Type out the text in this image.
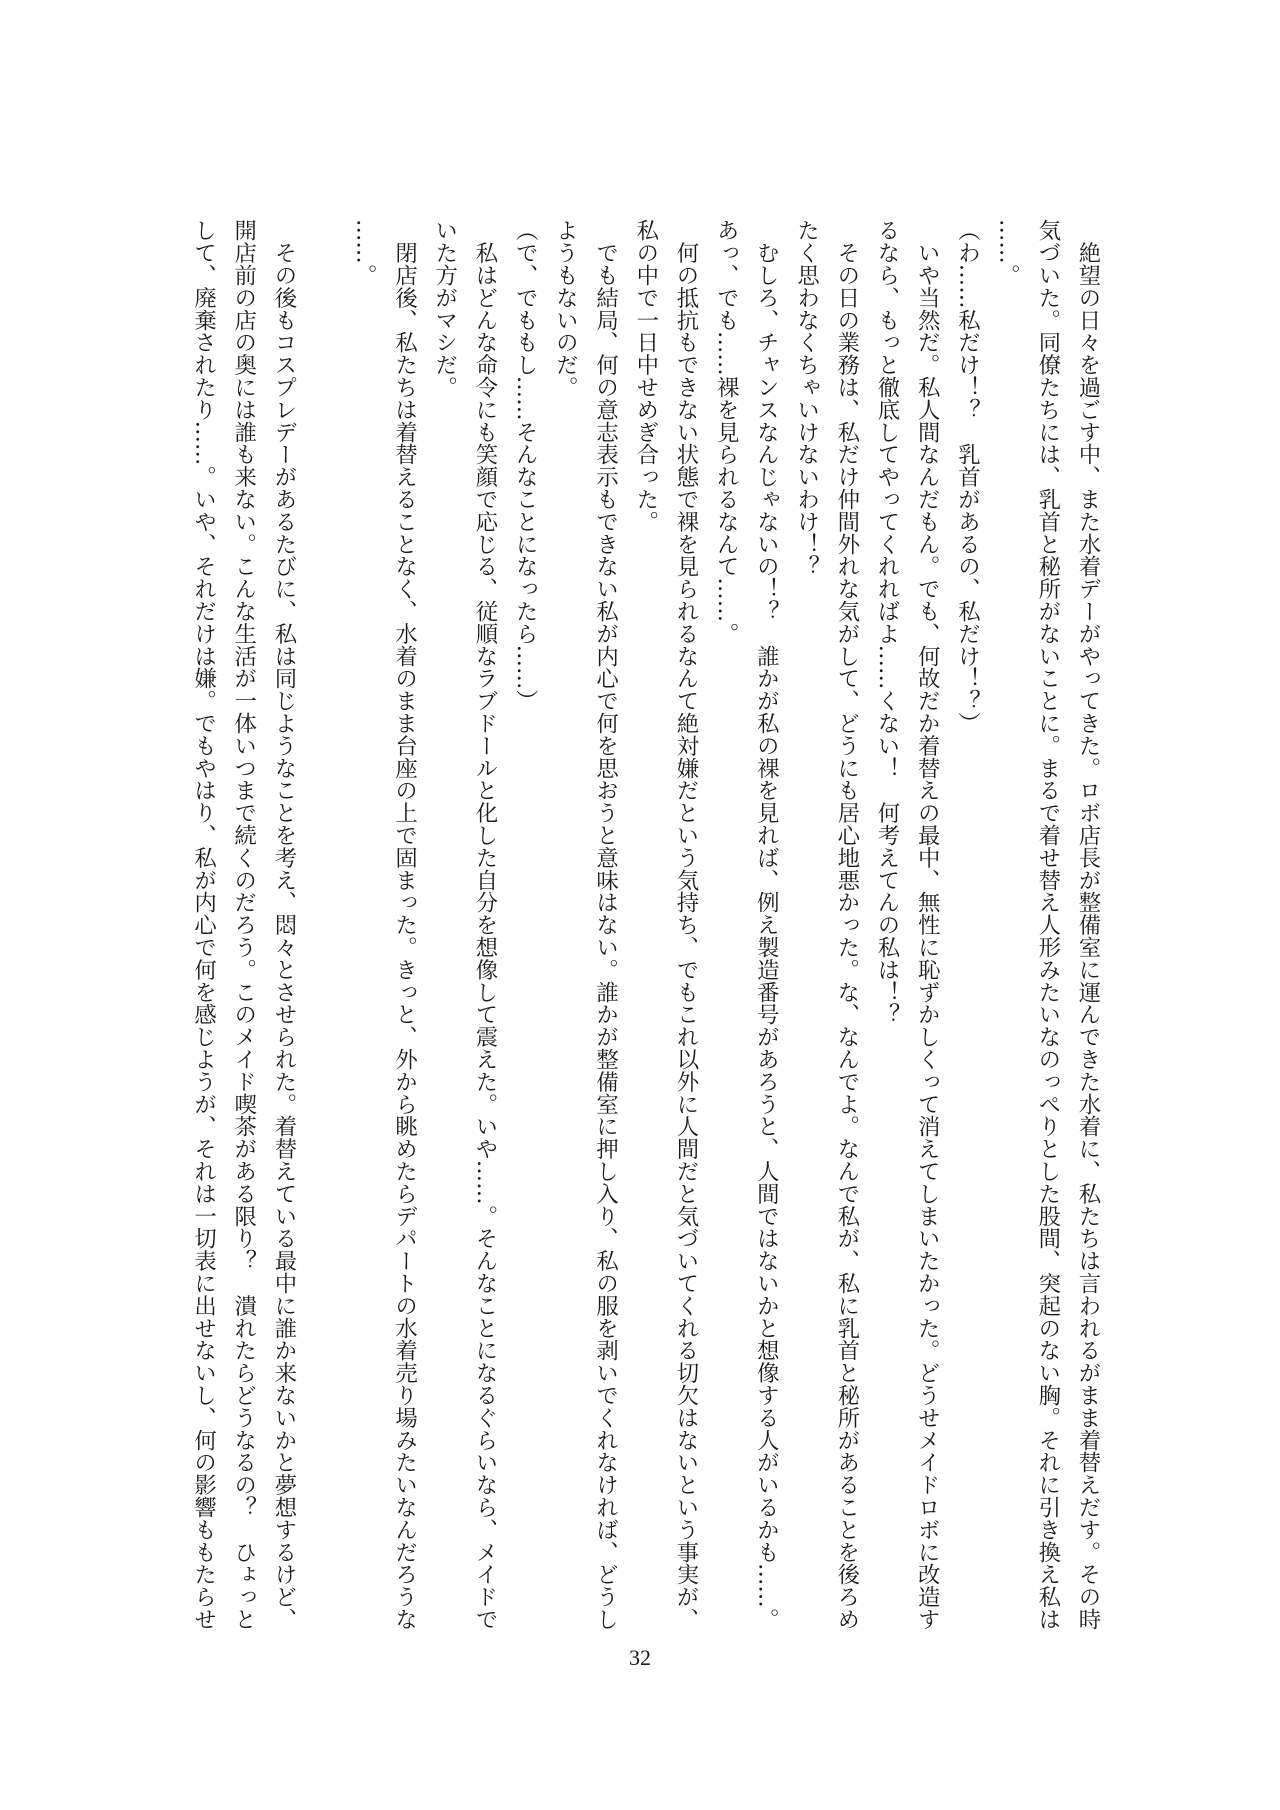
　絶望の日々を過ごす中、また水着デーがやってきた。ロボ店長が整備室に運んできた水着に、私たちは言われるがまま着替えだす。その時
気づいた。同僚たちには、乳首と秘所がないことに。まるで着せ替え人形みたいなのっぺりとした股間、突起のない胸。それに引き換え私は
……。
（わ……私だけ！？　乳首があるの、私だけ！？）
　いや当然だ。私人間なんだもん。でも、何故だか着替えの最中、無性に恥ずかしくって消えてしまいたかった。どうせメイドロボに改造す
るなら、もっと徹底してやってくれればよ……くない！　何考えてんの私は！？
　その日の業務は、私だけ仲間外れな気がして、どうにも居心地悪かった。な、なんでよ。なんで私が、私に乳首と秘所があることを後ろめ
たく思わなくちゃいけないわけ！？
　むしろ、チャンスなんじゃないの！？　誰かが私の裸を見れば、例え製造番号があろうと、人間ではないかと想像する人がいるかも……。
あっ、でも……裸を見られるなんて……。
　何の抵抗もできない状態で裸を見られるなんて絶対嫌だという気持ち、でもこれ以外に人間だと気づいてくれる切欠はないという事実が、
私の中で一日中せめぎ合った。
　でも結局、何の意志表示もできない私が内心で何を思おうと意味はない。誰かが整備室に押し入り、私の服を剥いでくれなければ、どうし
ようもないのだ。
（で、でももし……そんなことになったら……）
　私はどんな命令にも笑顔で応じる、従順なラブドールと化した自分を想像して震えた。いや……。そんなことになるぐらいなら、メイドで
いた方がマシだ。
　閉店後、私たちは着替えることなく、水着のまま台座の上で固まった。きっと、外から眺めたらデパートの水着売り場みたいなんだろうな
……。

　その後もコスプレデーがあるたびに、私は同じようなことを考え、悶々とさせられた。着替えている最中に誰か来ないかと夢想するけど、
開店前の店の奥には誰も来ない。こんな生活が一体いつまで続くのだろう。このメイド喫茶がある限り？　潰れたらどうなるの？　ひょっと
して、廃棄されたり……。いや、それだけは嫌。でもやはり、私が内心で何を感じようが、それは一切表に出せないし、何の影響ももたらせ
32
